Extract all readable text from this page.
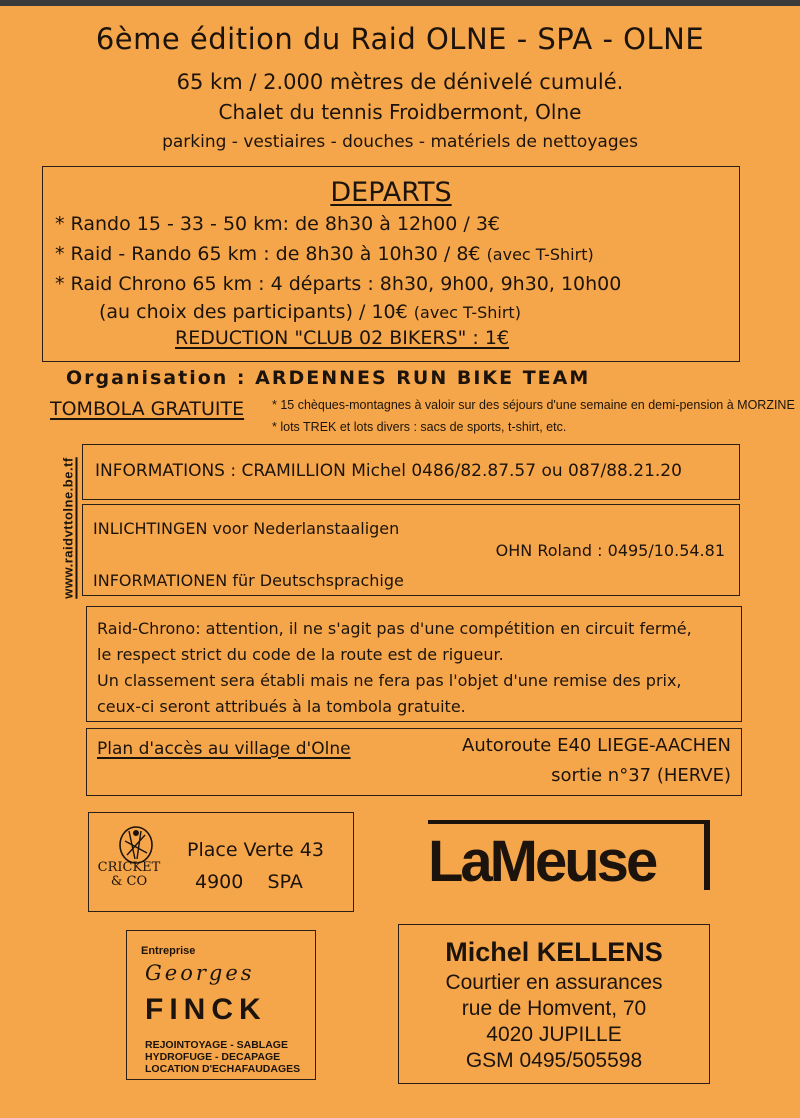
6ème édition du Raid OLNE - SPA - OLNE
65 km / 2.000 mètres de dénivelé cumulé.
Chalet du tennis Froidbermont, Olne
parking - vestiaires - douches - matériels de nettoyages
DEPARTS
* Rando 15 - 33 - 50 km: de 8h30 à 12h00 / 3€
* Raid - Rando 65 km : de 8h30 à 10h30 / 8€ (avec T-Shirt)
* Raid Chrono 65 km : 4 départs : 8h30, 9h00, 9h30, 10h00
(au choix des participants) / 10€ (avec T-Shirt)
REDUCTION "CLUB 02 BIKERS" : 1€
Organisation : ARDENNES RUN BIKE TEAM
TOMBOLA GRATUITE * 15 chèques-montagnes à valoir sur des séjours d'une semaine en demi-pension à MORZINE
* lots TREK et lots divers : sacs de sports, t-shirt, etc.
www.raidvttolne.be.tf INFORMATIONS : CRAMILLION Michel 0486/82.87.57 ou 087/88.21.20
INLICHTINGEN voor Nederlanstaaligen
OHN Roland : 0495/10.54.81
INFORMATIONEN für Deutschsprachige
Raid-Chrono: attention, il ne s'agit pas d'une compétition en circuit fermé,
le respect strict du code de la route est de rigueur.
Un classement sera établi mais ne fera pas l'objet d'une remise des prix,
ceux-ci seront attribués à la tombola gratuite.
Plan d'accès au village d'Olne	Autoroute E40 LIEGE-AACHEN
sortie n°37 (HERVE)
CRICKET
& CO
Place Verte 43
4900    SPA LaMeuse
Entreprise
Georges
FINCK
REJOINTOYAGE - SABLAGE
HYDROFUGE - DECAPAGE
LOCATION D'ECHAFAUDAGES
Michel KELLENS
Courtier en assurances
rue de Homvent, 70
4020 JUPILLE
GSM 0495/505598
